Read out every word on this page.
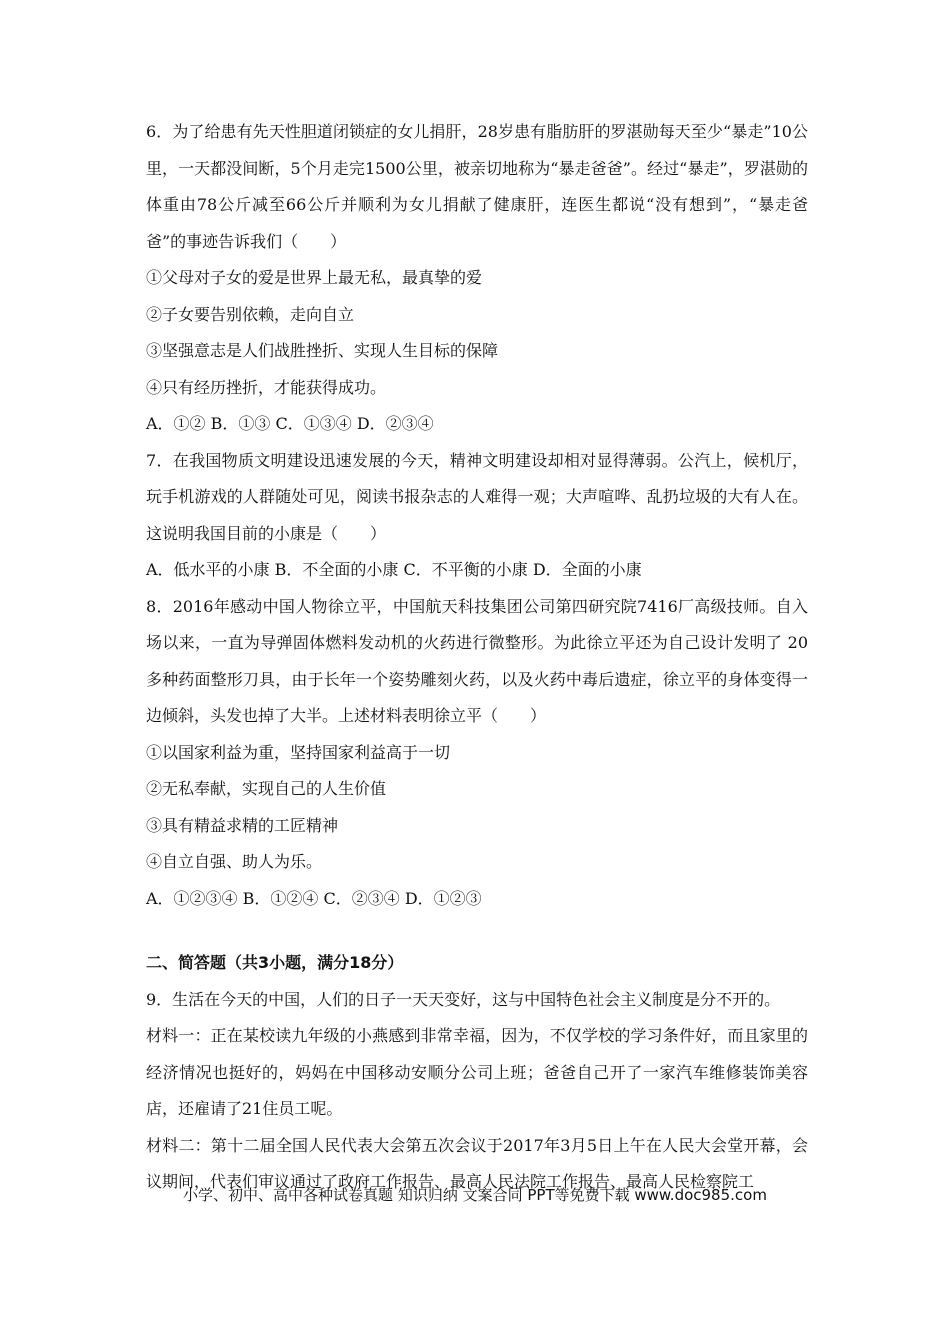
6．为了给患有先天性胆道闭锁症的女儿捐肝，28岁患有脂肪肝的罗湛勋每天至少“暴走”10公里，一天都没间断，5个月走完1500公里，被亲切地称为“暴走爸爸”。经过“暴走”，罗湛勋的体重由78公斤减至66公斤并顺利为女儿捐献了健康肝，连医生都说“没有想到”，“暴走爸爸”的事迹告诉我们（　　）

①父母对子女的爱是世界上最无私，最真挚的爱

②子女要告别依赖，走向自立

③坚强意志是人们战胜挫折、实现人生目标的保障

④只有经历挫折，才能获得成功。

A．①② B．①③ C．①③④ D．②③④

7．在我国物质文明建设迅速发展的今天，精神文明建设却相对显得薄弱。公汽上，候机厅，玩手机游戏的人群随处可见，阅读书报杂志的人难得一观；大声喧哗、乱扔垃圾的大有人在。这说明我国目前的小康是（　　）

A．低水平的小康 B．不全面的小康 C．不平衡的小康 D．全面的小康

8．2016年感动中国人物徐立平，中国航天科技集团公司第四研究院7416厂高级技师。自入场以来，一直为导弹固体燃料发动机的火药进行微整形。为此徐立平还为自己设计发明了 20 多种药面整形刀具，由于长年一个姿势雕刻火药，以及火药中毒后遗症，徐立平的身体变得一边倾斜，头发也掉了大半。上述材料表明徐立平（　　）

①以国家利益为重，坚持国家利益高于一切

②无私奉献，实现自己的人生价值

③具有精益求精的工匠精神

④自立自强、助人为乐。

A．①②③④ B．①②④ C．②③④ D．①②③

二、简答题（共3小题，满分18分）

9．生活在今天的中国，人们的日子一天天变好，这与中国特色社会主义制度是分不开的。

材料一：正在某校读九年级的小燕感到非常幸福，因为，不仅学校的学习条件好，而且家里的经济情况也挺好的，妈妈在中国移动安顺分公司上班；爸爸自己开了一家汽车维修装饰美容店，还雇请了21住员工呢。

材料二：第十二届全国人民代表大会第五次会议于2017年3月5日上午在人民大会堂开幕，会议期间，代表们审议通过了政府工作报告、最高人民法院工作报告、最高人民检察院工

小学、初中、高中各种试卷真题 知识归纳 文案合同 PPT等免费下载 www.doc985.com
